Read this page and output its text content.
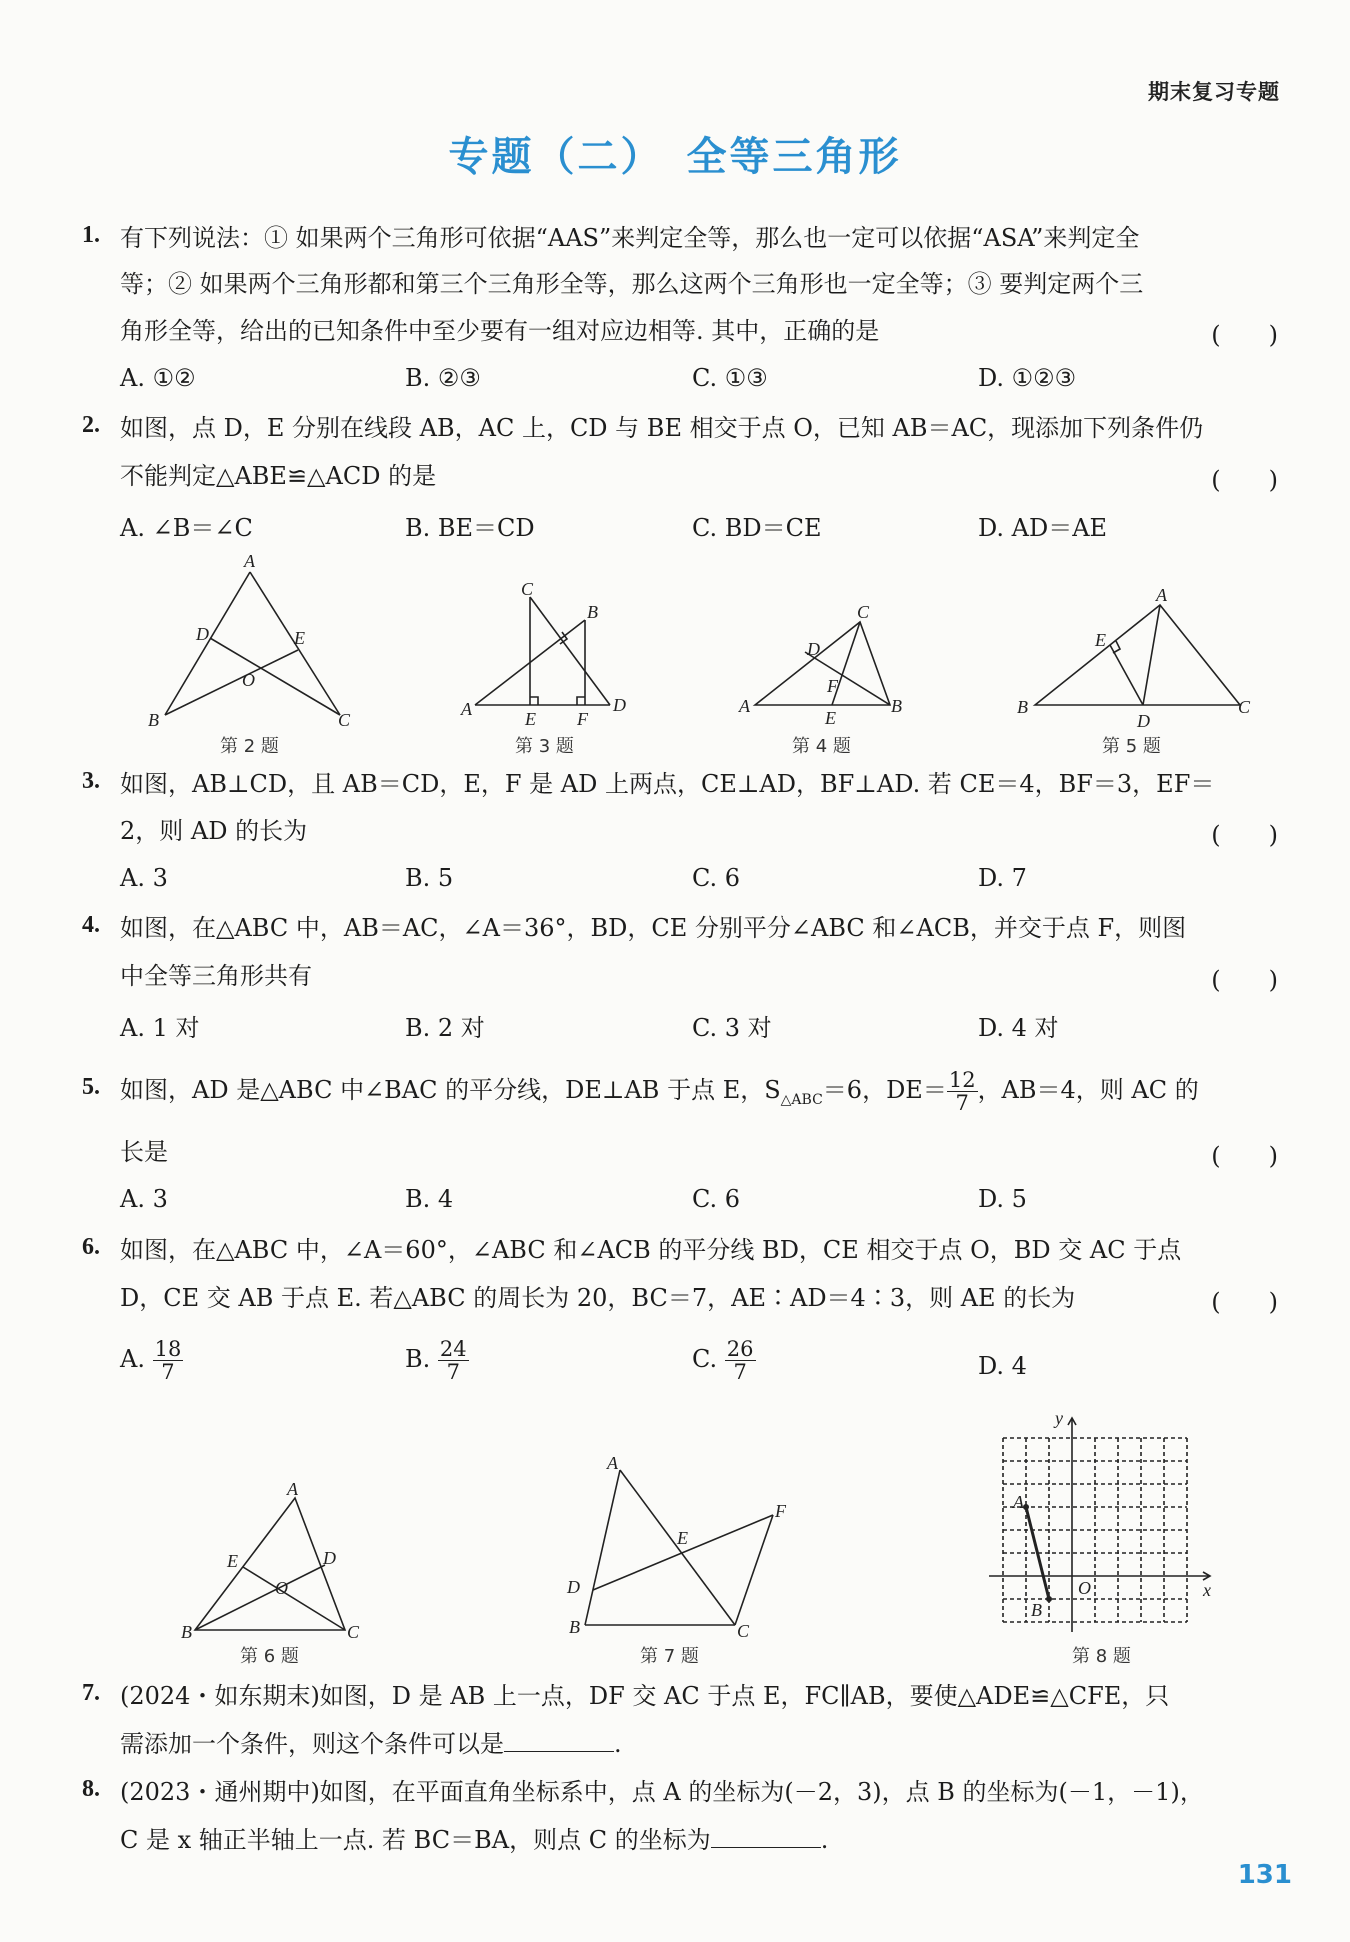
期末复习专题
专题（二）　全等三角形
1. 有下列说法：① 如果两个三角形可依据“AAS”来判定全等，那么也一定可以依据“ASA”来判定全
等；② 如果两个三角形都和第三个三角形全等，那么这两个三角形也一定全等；③ 要判定两个三
角形全等，给出的已知条件中至少要有一组对应边相等. 其中，正确的是	(　　)
A. ①②	B. ②③	C. ①③	D. ①②③
2. 如图，点 D，E 分别在线段 AB，AC 上，CD 与 BE 相交于点 O，已知 AB＝AC，现添加下列条件仍
不能判定△ABE≌△ACD 的是	(　　)
A. ∠B＝∠C	B. BE＝CD	C. BD＝CE	D. AD＝AE
A
D	E
O
B	C
第 2 题
C
B
A	E F
D
第 3 题
C
D
F
A
E
B
第 4 题
A
E
B
D
C
第 5 题
3. 如图，AB⊥CD，且 AB＝CD，E，F 是 AD 上两点，CE⊥AD，BF⊥AD. 若 CE＝4，BF＝3，EF＝
2，则 AD 的长为	(　　)
A. 3	B. 5	C. 6	D. 7
4. 如图，在△ABC 中，AB＝AC，∠A＝36°，BD，CE 分别平分∠ABC 和∠ACB，并交于点 F，则图
中全等三角形共有	(　　)
A. 1 对	B. 2 对	C. 3 对	D. 4 对
5. 如图，AD 是△ABC 中∠BAC 的平分线，DE⊥AB 于点 E，$S_{\triangle ABC}=6$，$DE= \frac{12}{7}$ ，AB＝4，则 AC 的
长是	(　　)
A. 3	B. 4	C. 6	D. 5
6. 如图，在△ABC 中，∠A＝60°，∠ABC 和∠ACB 的平分线 BD，CE 相交于点 O，BD 交 AC 于点
D，CE 交 AB 于点 E. 若△ABC 的周长为 20，BC＝7，AE∶AD＝4∶3，则 AE 的长为	(　　)
A. $\frac{18}{7}$	B. $\frac{24}{7}$	C. $\frac{26}{7}$	D. 4
A
E	D
O
B	C
第 6 题
A
E
F
D
B	C
第 7 题
A
B
O	x
y
第 8 题
7. (2024・如东期末)如图，D 是 AB 上一点，DF 交 AC 于点 E，FC∥AB，要使△ADE≌△CFE，只
需添加一个条件，则这个条件可以是	.
8. (2023・通州期中)如图，在平面直角坐标系中，点 A 的坐标为(－2，3)，点 B 的坐标为(－1，－1)，
C 是 x 轴正半轴上一点. 若 BC＝BA，则点 C 的坐标为	.
131
